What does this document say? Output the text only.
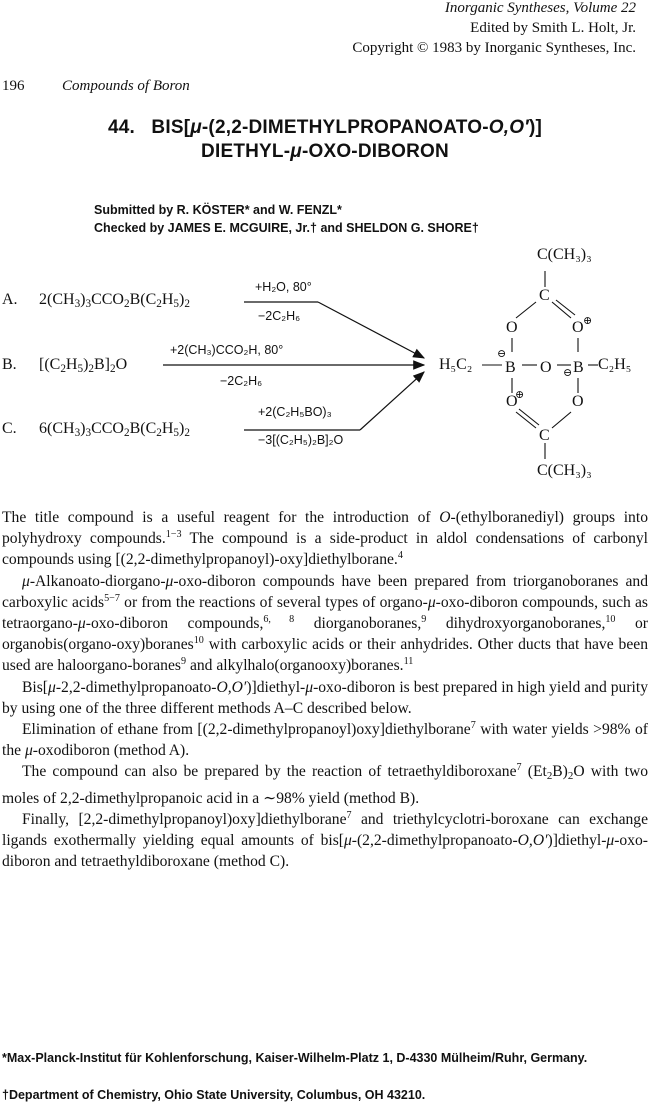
Inorganic Syntheses, Volume 22
Edited by Smith L. Holt, Jr.
Copyright © 1983 by Inorganic Syntheses, Inc.
196	Compounds of Boron
44.   BIS[μ-(2,2-DIMETHYLPROPANOATO-O,O′)]
DIETHYL-μ-OXO-DIBORON
Submitted by R. KÖSTER* and W. FENZL*
Checked by JAMES E. MCGUIRE, Jr.† and SHELDON G. SHORE†
A. $2(CH_3)_3CCO_2B(C_2H_5)_2$
+H₂O, 80°
−2C₂H₆
B. $[(C_2H_5)_2B]_2O$
+2(CH₃)CCO₂H, 80°
−2C₂H₆
C. $6(CH_3)_3CCO_2B(C_2H_5)_2$
+2(C₂H₅BO)₃
−3[(C₂H₅)₂B]₂O
C(CH₃)₃
C(CH₃)₃
H₅C₂	C₂H₅
C
O	O
B O B
O	O
C
⊕
⊖
⊖
⊕

The title compound is a useful reagent for the introduction of O-(ethylboranediyl) groups into polyhydroxy compounds.$^{1-3}$ The compound is a side-product in aldol condensations of carbonyl compounds using [(2,2-dimethylpropanoyl)-oxy]diethylborane.$^4$

μ-Alkanoato-diorgano-μ-oxo-diboron compounds have been prepared from triorganoboranes and carboxylic acids$^{5-7}$ or from the reactions of several types of organo-μ-oxo-diboron compounds, such as tetraorgano-μ-oxo-diboron compounds,$^{6, 8}$ diorganoboranes,$^9$ dihydroxyorganoboranes,$^{10}$ or organobis(organo-oxy)boranes$^{10}$ with carboxylic acids or their anhydrides. Other ducts that have been used are haloorgano-boranes$^9$ and alkylhalo(organooxy)boranes.$^{11}$

Bis[μ-2,2-dimethylpropanoato-O,O′)]diethyl-μ-oxo-diboron is best prepared in high yield and purity by using one of the three different methods A–C described below.

Elimination of ethane from [(2,2-dimethylpropanoyl)oxy]diethylborane$^7$ with water yields >98% of the μ-oxodiboron (method A).

The compound can also be prepared by the reaction of tetraethyldiboroxane$^7$ $(Et_2B)_2O$ with two moles of 2,2-dimethylpropanoic acid in a ∼98% yield (method B).

Finally, [2,2-dimethylpropanoyl)oxy]diethylborane$^7$ and triethylcyclotri-boroxane can exchange ligands exothermally yielding equal amounts of bis[μ-(2,2-dimethylpropanoato-O,O′)]diethyl-μ-oxo-diboron and tetraethyldiboroxane (method C).

*Max-Planck-Institut für Kohlenforschung, Kaiser-Wilhelm-Platz 1, D-4330 Mülheim/Ruhr, Germany.
†Department of Chemistry, Ohio State University, Columbus, OH 43210.
